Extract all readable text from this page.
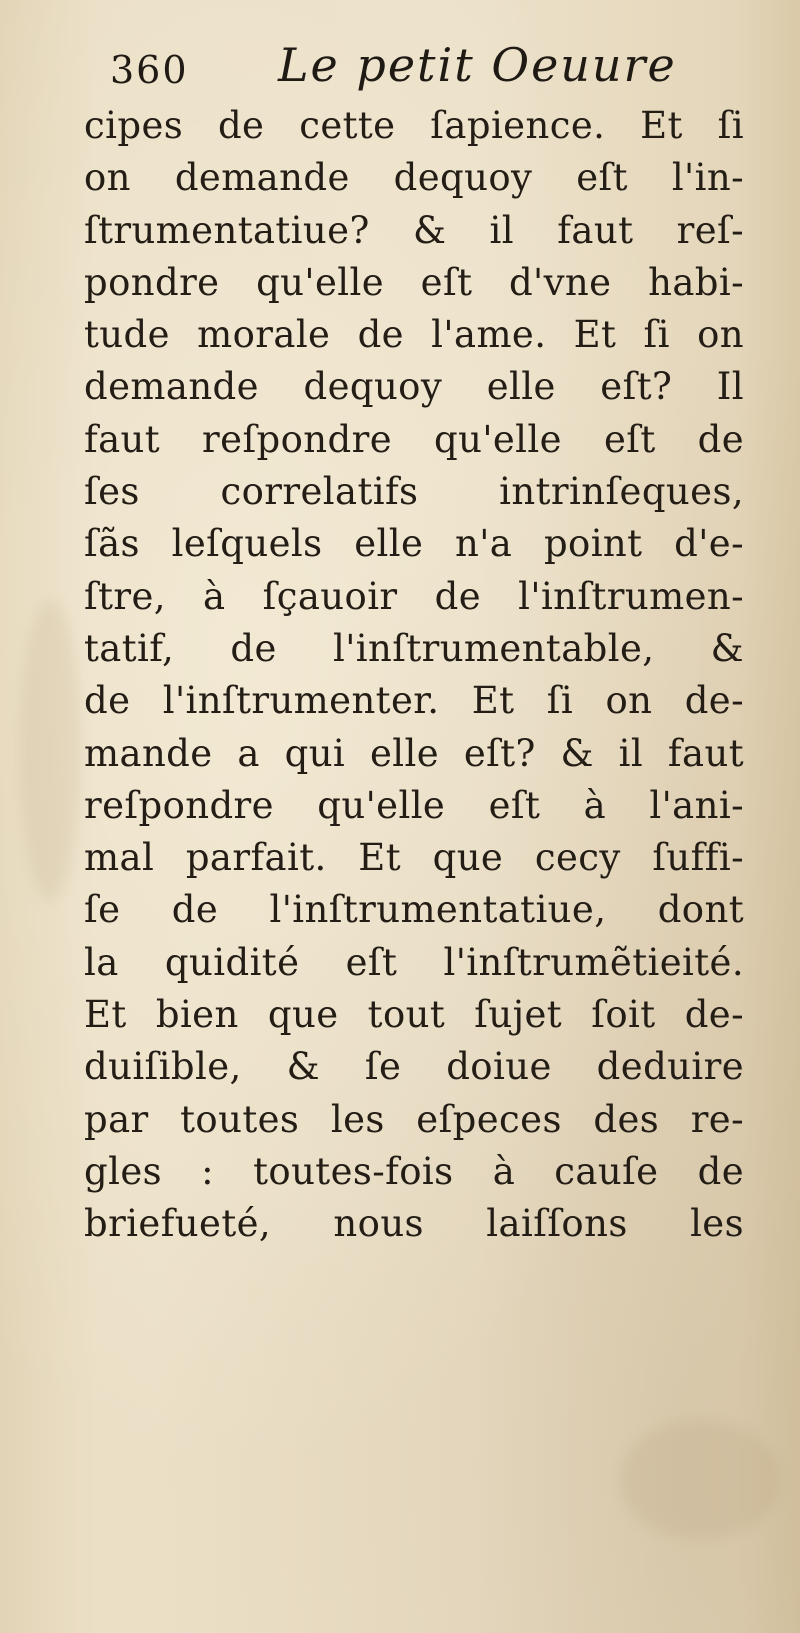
360 Le petit Oeuure
cipes de cette ſapience. Et ſi
on demande dequoy eſt l'in-
ſtrumentatiue? & il faut reſ-
pondre qu'elle eſt d'vne habi-
tude morale de l'ame. Et ſi on
demande dequoy elle eſt? Il
faut reſpondre qu'elle eſt de
ſes correlatifs intrinſeques,
ſãs leſquels elle n'a point d'e-
ſtre, à ſçauoir de l'inſtrumen-
tatif, de l'inſtrumentable, &
de l'inſtrumenter. Et ſi on de-
mande a qui elle eſt? & il faut
reſpondre qu'elle eſt à l'ani-
mal parfait. Et que cecy ſuffi-
ſe de l'inſtrumentatiue, dont
la quidité eſt l'inſtrumẽtieité.
Et bien que tout ſujet ſoit de-
duiſible, & ſe doiue deduire
par toutes les eſpeces des re-
gles : toutes-fois à cauſe de
briefueté, nous laiſſons les
